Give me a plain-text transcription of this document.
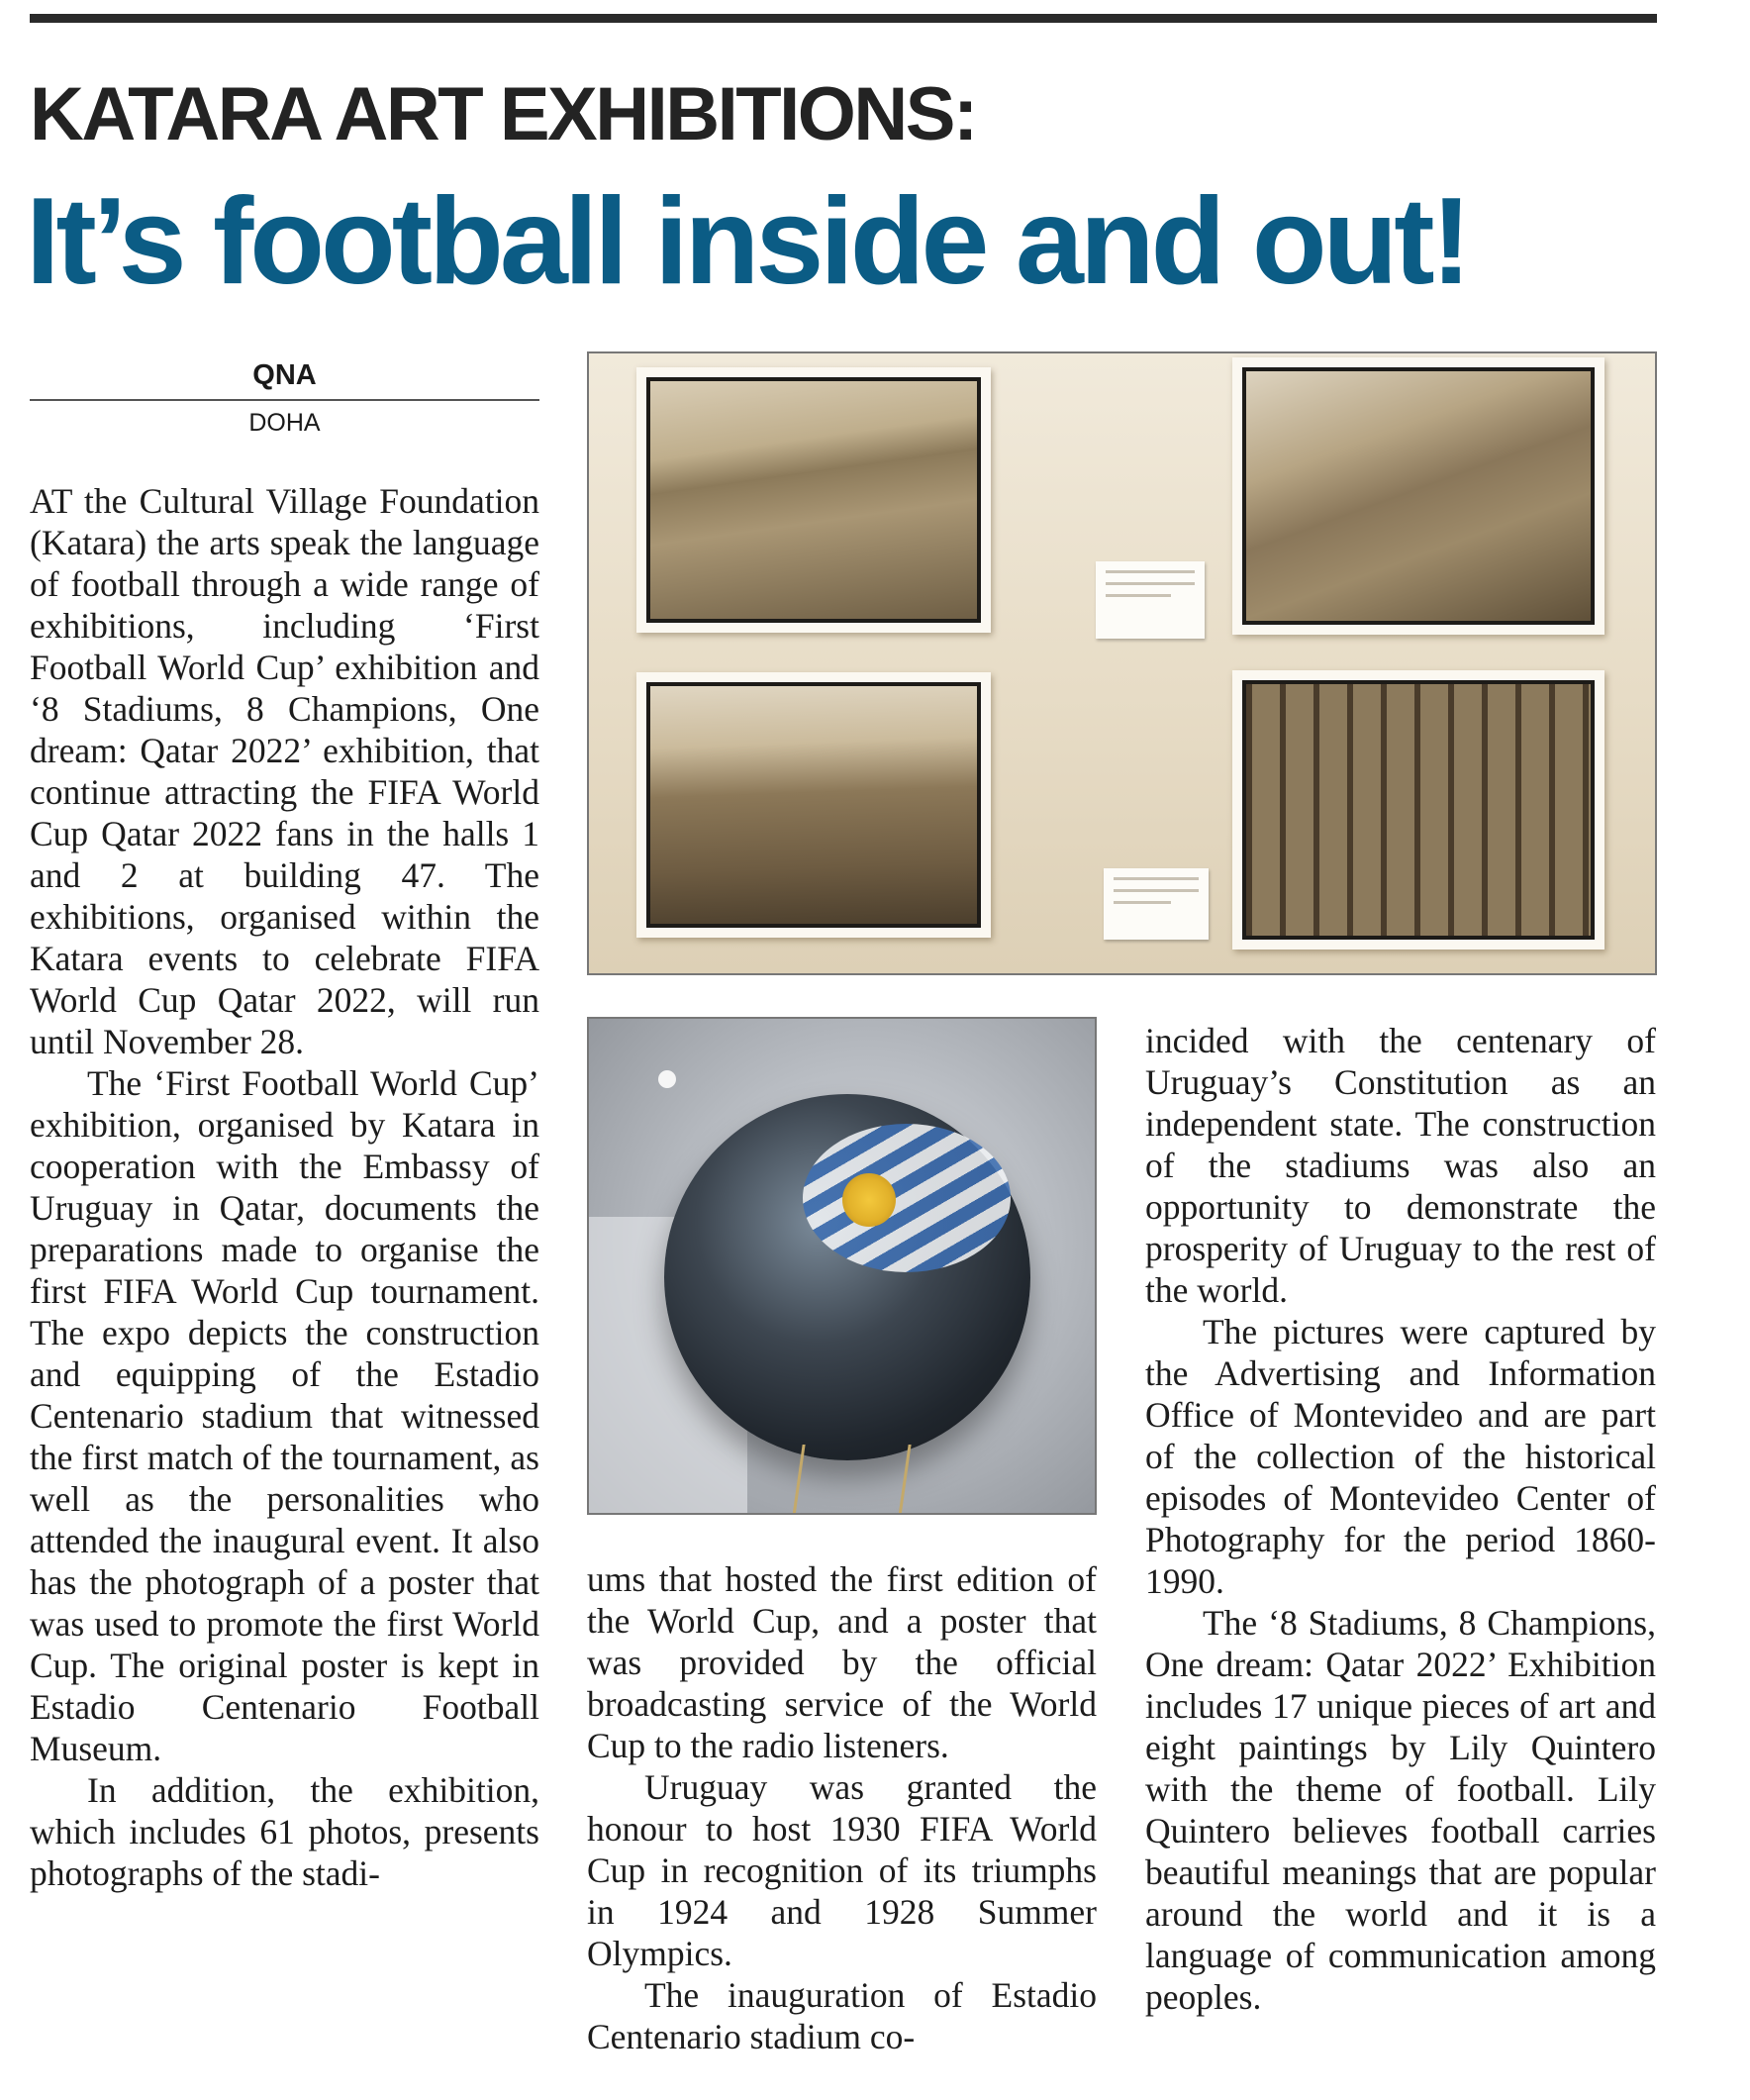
KATARA ART EXHIBITIONS:
It’s football inside and out!
QNA
DOHA

AT the Cultural Village Foundation (Katara) the arts speak the language of football through a wide range of exhibitions, including ‘First Football World Cup’ exhibition and ‘8 Stadiums, 8 Champions, One dream: Qatar 2022’ exhibition, that continue attracting the FIFA World Cup Qatar 2022 fans in the halls 1 and 2 at building 47. The exhibitions, organised within the Katara events to celebrate FIFA World Cup Qatar 2022, will run until November 28.

The ‘First Football World Cup’ exhibition, organised by Katara in cooperation with the Embassy of Uruguay in Qatar, documents the preparations made to organise the first FIFA World Cup tournament. The expo depicts the construction and equipping of the Estadio Centenario stadium that witnessed the first match of the tournament, as well as the personalities who attended the inaugural event. It also has the photograph of a poster that was used to promote the first World Cup. The original poster is kept in Estadio Centenario Football Museum.

In addition, the exhibition, which includes 61 photos, presents photographs of the stadi-

ums that hosted the first edition of the World Cup, and a poster that was provided by the official broadcasting service of the World Cup to the radio listeners.

Uruguay was granted the honour to host 1930 FIFA World Cup in recognition of its triumphs in 1924 and 1928 Summer Olympics.

The inauguration of Estadio Centenario stadium co-

incided with the centenary of Uruguay’s Constitution as an independent state. The construction of the stadiums was also an opportunity to demonstrate the prosperity of Uruguay to the rest of the world.

The pictures were captured by the Advertising and Information Office of Montevideo and are part of the collection of the historical episodes of Montevideo Center of Photography for the period 1860-1990.

The ‘8 Stadiums, 8 Champions, One dream: Qatar 2022’ Exhibition includes 17 unique pieces of art and eight paintings by Lily Quintero with the theme of football. Lily Quintero believes football carries beautiful meanings that are popular around the world and it is a language of communication among peoples.
